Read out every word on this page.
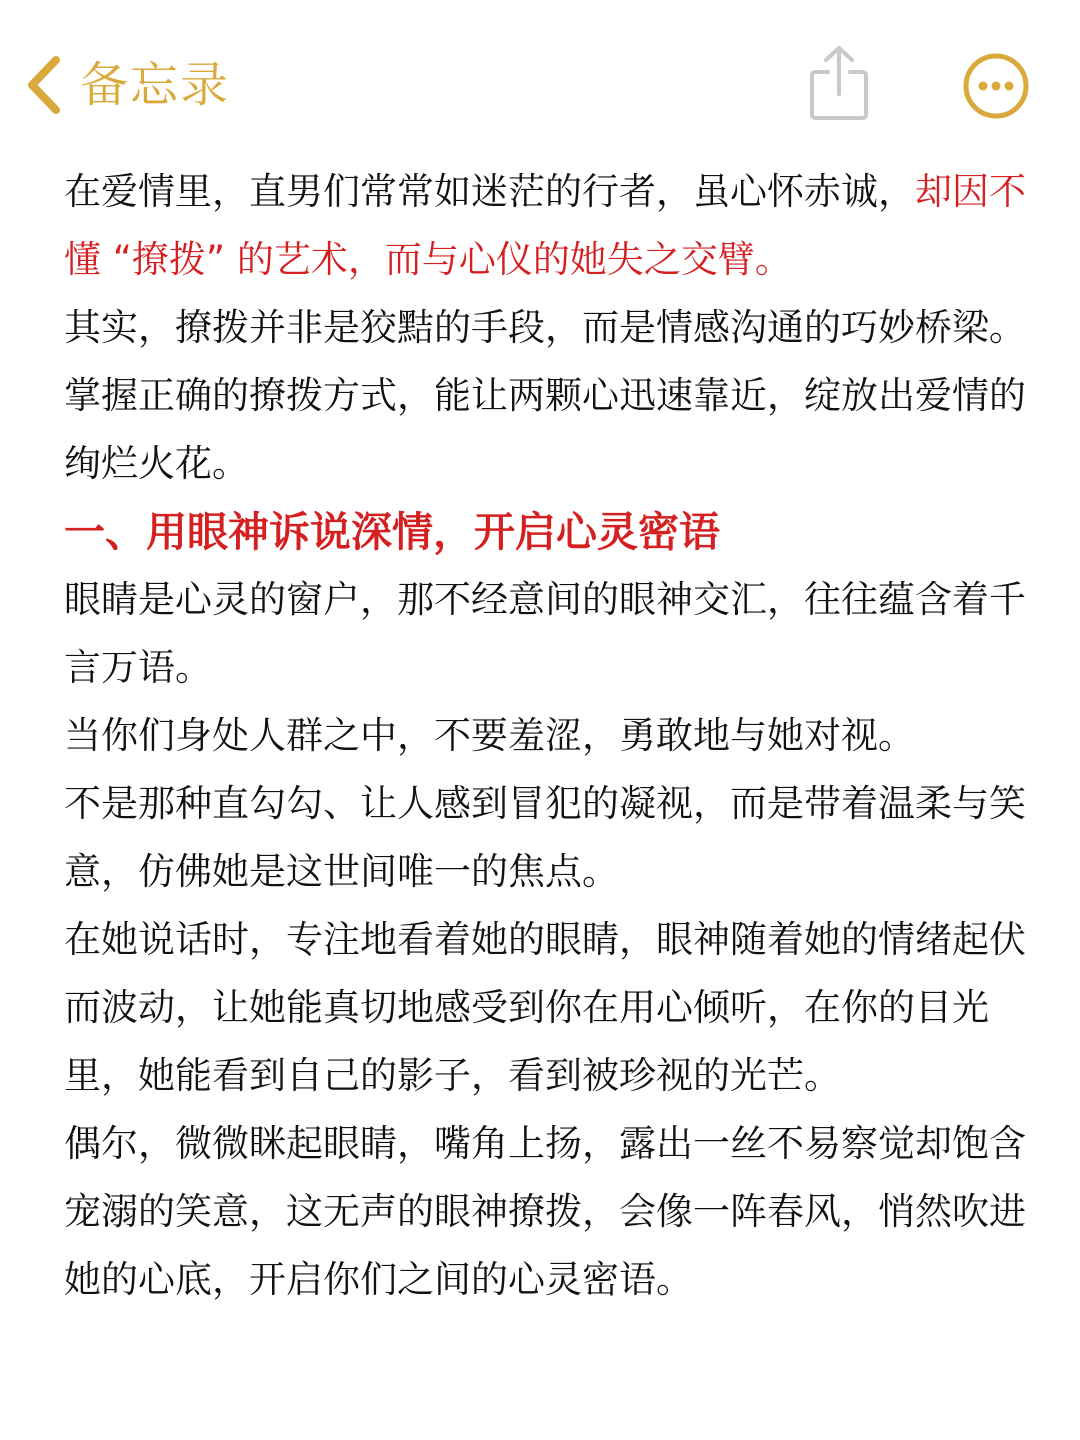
备忘录

在爱情里，直男们常常如迷茫的行者，虽心怀赤诚，却因不懂 “撩拨” 的艺术，而与心仪的她失之交臂。

其实，撩拨并非是狡黠的手段，而是情感沟通的巧妙桥梁。

掌握正确的撩拨方式，能让两颗心迅速靠近，绽放出爱情的绚烂火花。

一、用眼神诉说深情，开启心灵密语

眼睛是心灵的窗户，那不经意间的眼神交汇，往往蕴含着千言万语。

当你们身处人群之中，不要羞涩，勇敢地与她对视。

不是那种直勾勾、让人感到冒犯的凝视，而是带着温柔与笑意，仿佛她是这世间唯一的焦点。

在她说话时，专注地看着她的眼睛，眼神随着她的情绪起伏而波动，让她能真切地感受到你在用心倾听，在你的目光里，她能看到自己的影子，看到被珍视的光芒。

偶尔，微微眯起眼睛，嘴角上扬，露出一丝不易察觉却饱含宠溺的笑意，这无声的眼神撩拨，会像一阵春风，悄然吹进她的心底，开启你们之间的心灵密语。
